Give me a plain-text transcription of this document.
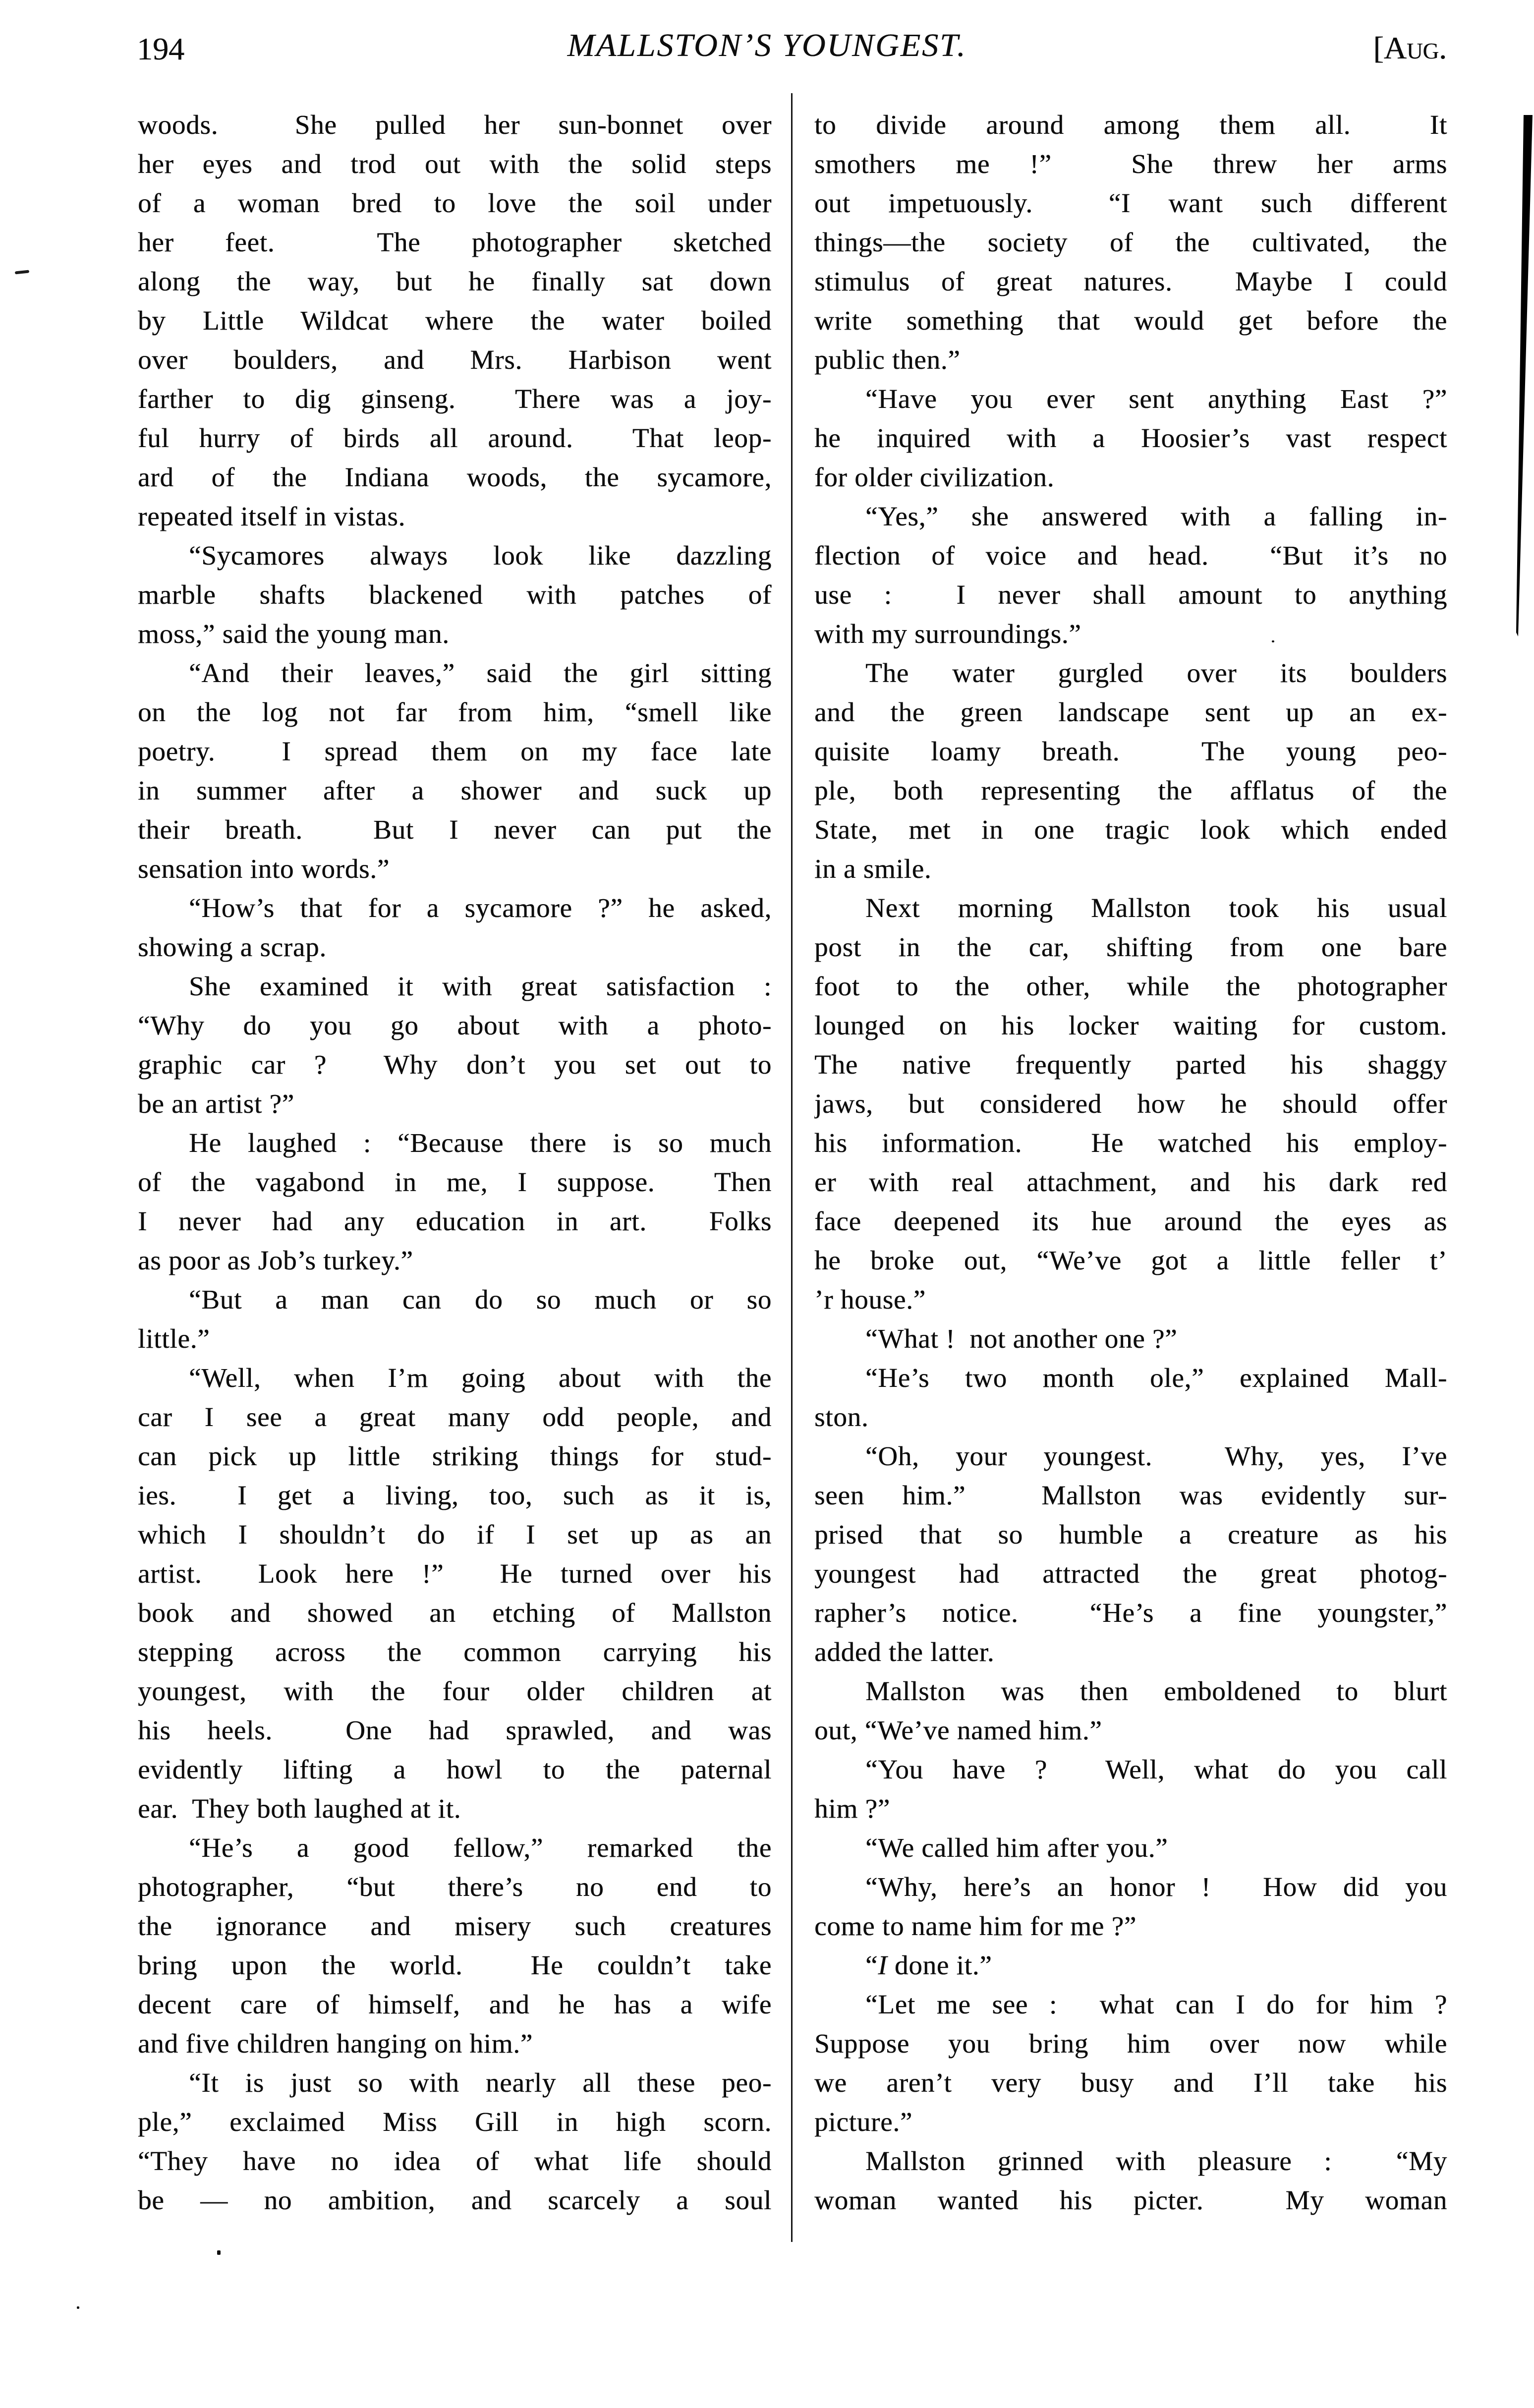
194	MALLSTON’S YOUNGEST.	[Aug.
woods.  She pulled her sun-bonnet over
her eyes and trod out with the solid steps
of a woman bred to love the soil under
her feet.  The photographer sketched
along the way, but he finally sat down
by Little Wildcat where the water boiled
over boulders, and Mrs. Harbison went
farther to dig ginseng.  There was a joy-
ful hurry of birds all around.  That leop-
ard of the Indiana woods, the sycamore,
repeated itself in vistas.
“Sycamores always look like dazzling
marble shafts blackened with patches of
moss,” said the young man.
“And their leaves,” said the girl sitting
on the log not far from him, “smell like
poetry.  I spread them on my face late
in summer after a shower and suck up
their breath.  But I never can put the
sensation into words.”
“How’s that for a sycamore ?” he asked,
showing a scrap.
She examined it with great satisfaction :
“Why do you go about with a photo-
graphic car ?  Why don’t you set out to
be an artist ?”
He laughed : “Because there is so much
of the vagabond in me, I suppose.  Then
I never had any education in art.  Folks
as poor as Job’s turkey.”
“But a man can do so much or so
little.”
“Well, when I’m going about with the
car I see a great many odd people, and
can pick up little striking things for stud-
ies.  I get a living, too, such as it is,
which I shouldn’t do if I set up as an
artist.  Look here !”  He turned over his
book and showed an etching of Mallston
stepping across the common carrying his
youngest, with the four older children at
his heels.  One had sprawled, and was
evidently lifting a howl to the paternal
ear.  They both laughed at it.
“He’s a good fellow,” remarked the
photographer, “but there’s no end to
the ignorance and misery such creatures
bring upon the world.  He couldn’t take
decent care of himself, and he has a wife
and five children hanging on him.”
“It is just so with nearly all these peo-
ple,” exclaimed Miss Gill in high scorn.
“They have no idea of what life should
be — no ambition, and scarcely a soul
to divide around among them all.  It
smothers me !”  She threw her arms
out impetuously.  “I want such different
things—the society of the cultivated, the
stimulus of great natures.  Maybe I could
write something that would get before the
public then.”
“Have you ever sent anything East ?”
he inquired with a Hoosier’s vast respect
for older civilization.
“Yes,” she answered with a falling in-
flection of voice and head.  “But it’s no
use :  I never shall amount to anything
with my surroundings.”
The water gurgled over its boulders
and the green landscape sent up an ex-
quisite loamy breath.  The young peo-
ple, both representing the afflatus of the
State, met in one tragic look which ended
in a smile.
Next morning Mallston took his usual
post in the car, shifting from one bare
foot to the other, while the photographer
lounged on his locker waiting for custom.
The native frequently parted his shaggy
jaws, but considered how he should offer
his information.  He watched his employ-
er with real attachment, and his dark red
face deepened its hue around the eyes as
he broke out, “We’ve got a little feller t’
’r house.”
“What !  not another one ?”
“He’s two month ole,” explained Mall-
ston.
“Oh, your youngest.  Why, yes, I’ve
seen him.”  Mallston was evidently sur-
prised that so humble a creature as his
youngest had attracted the great photog-
rapher’s notice.  “He’s a fine youngster,”
added the latter.
Mallston was then emboldened to blurt
out, “We’ve named him.”
“You have ?  Well, what do you call
him ?”
“We called him after you.”
“Why, here’s an honor !  How did you
come to name him for me ?”
“I done it.”
“Let me see :  what can I do for him ?
Suppose you bring him over now while
we aren’t very busy and I’ll take his
picture.”
Mallston grinned with pleasure :  “My
woman wanted his picter.  My woman
